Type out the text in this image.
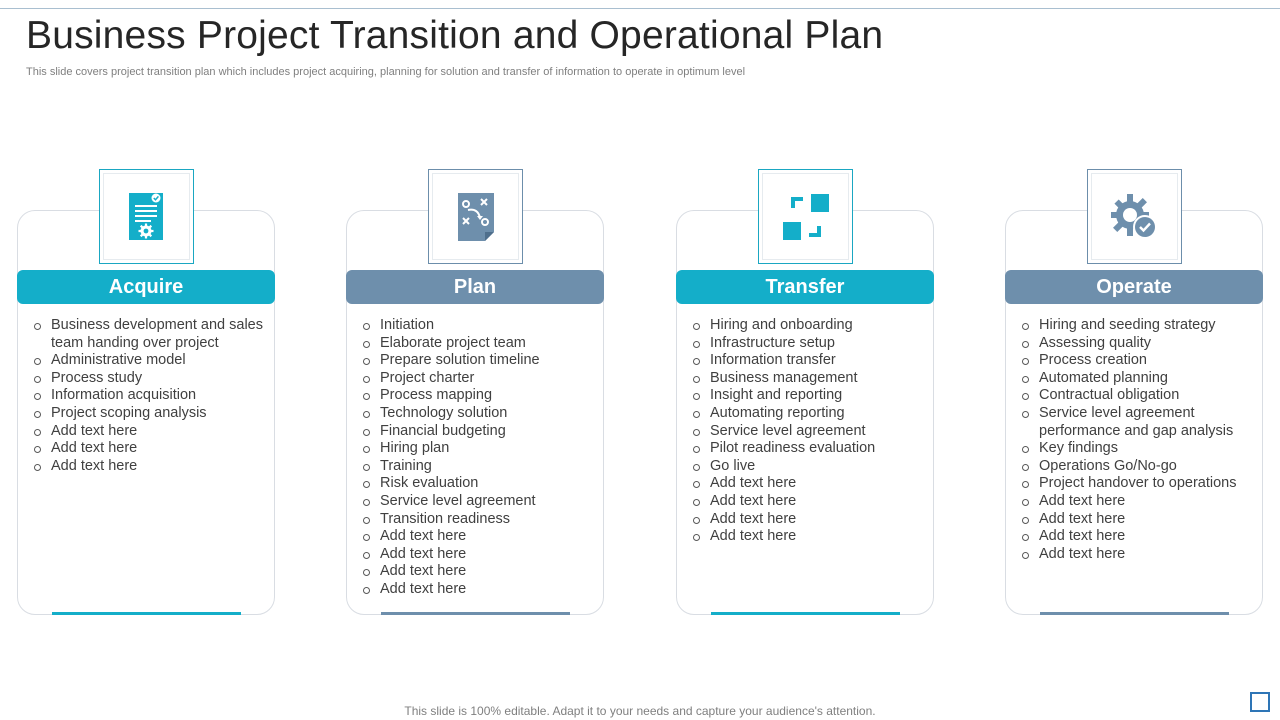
Business Project Transition and Operational Plan

This slide covers project transition plan which includes project acquiring, planning for solution and transfer of information to operate in optimum level

Acquire
Business development and sales team handing over project
Administrative model
Process study
Information acquisition
Project scoping analysis
Add text here
Add text here
Add text here
Plan
Initiation
Elaborate project team
Prepare solution timeline
Project charter
Process mapping
Technology solution
Financial budgeting
Hiring plan
Training
Risk evaluation
Service level agreement
Transition readiness
Add text here
Add text here
Add text here
Add text here
Transfer
Hiring and onboarding
Infrastructure setup
Information transfer
Business management
Insight and reporting
Automating reporting
Service level agreement
Pilot readiness evaluation
Go live
Add text here
Add text here
Add text here
Add text here
Operate
Hiring and seeding strategy
Assessing quality
Process creation
Automated planning
Contractual obligation
Service level agreement performance and gap analysis
Key findings
Operations Go/No-go
Project handover to operations
Add text here
Add text here
Add text here
Add text here

This slide is 100% editable. Adapt it to your needs and capture your audience's attention.
